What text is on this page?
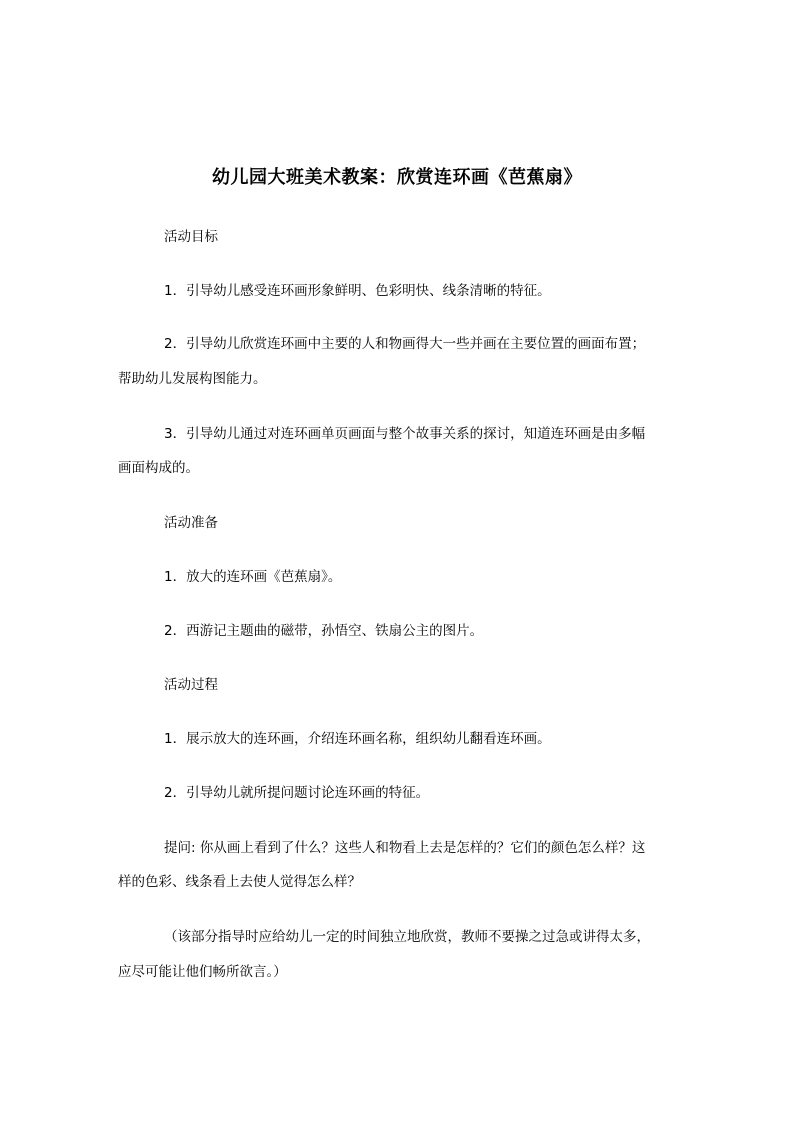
幼儿园大班美术教案：欣赏连环画《芭蕉扇》
活动目标
1．引导幼儿感受连环画形象鲜明、色彩明快、线条清晰的特征。
2．引导幼儿欣赏连环画中主要的人和物画得大一些并画在主要位置的画面布置；
帮助幼儿发展构图能力。
3．引导幼儿通过对连环画单页画面与整个故事关系的探讨，知道连环画是由多幅
画面构成的。
活动准备
1．放大的连环画《芭蕉扇》。
2．西游记主题曲的磁带，孙悟空、铁扇公主的图片。
活动过程
1．展示放大的连环画，介绍连环画名称，组织幼儿翻看连环画。
2．引导幼儿就所提问题讨论连环画的特征。
提问: 你从画上看到了什么？这些人和物看上去是怎样的？它们的颜色怎么样？这
样的色彩、线条看上去使人觉得怎么样？
（该部分指导时应给幼儿一定的时间独立地欣赏，教师不要操之过急或讲得太多，
应尽可能让他们畅所欲言。）
